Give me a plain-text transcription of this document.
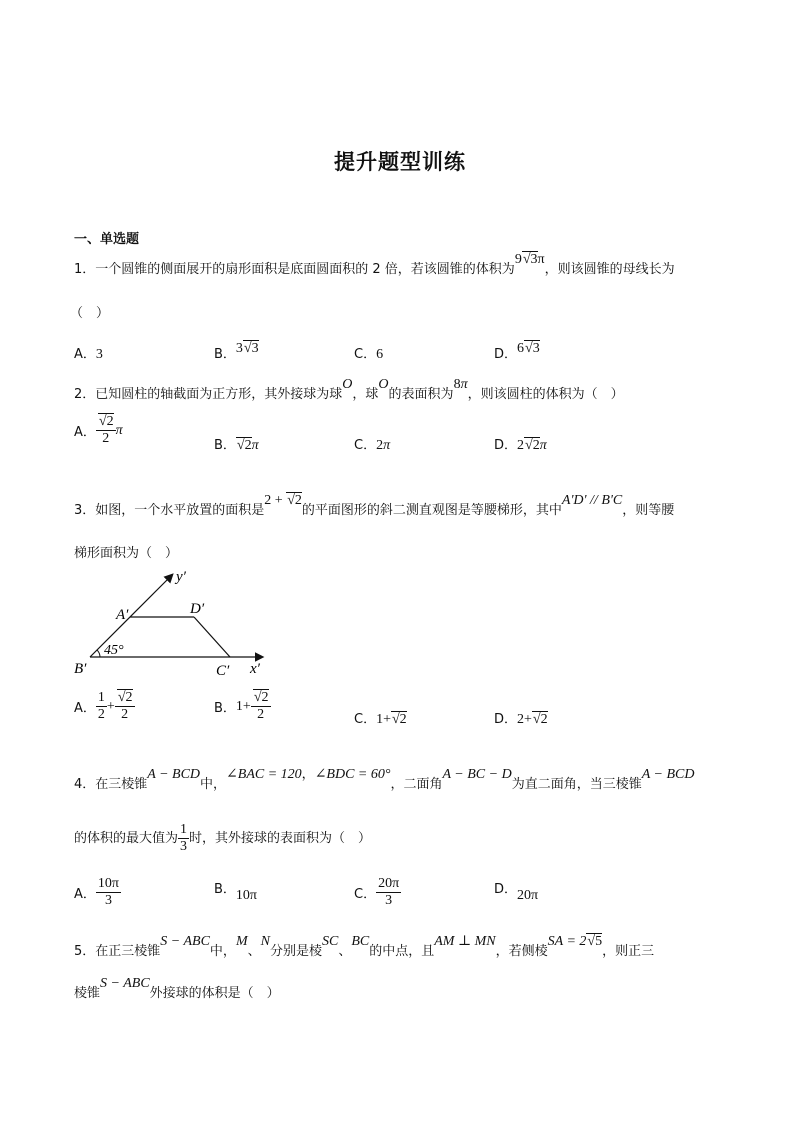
提升题型训练
一、单选题
1．一个圆锥的侧面展开的扇形面积是底面圆面积的 2 倍，若该圆锥的体积为9√3π，则该圆锥的母线长为
（　）
A．3	B．3√3	C．6	D．6√3
2．已知圆柱的轴截面为正方形，其外接球为球O，球O的表面积为8π，则该圆柱的体积为（　）
A． $\frac{√2}{2}$ π
B．√2π	C．2π	D．2√2π
3．如图，一个水平放置的面积是2 + √2的平面图形的斜二测直观图是等腰梯形，其中A'D' // B'C，则等腰
梯形面积为（　）
y′
A′	D′
45°
B′	C′ x′
A． $\frac{1}{2} + \frac{√2}{2}$	B．$1+ \frac{√2}{2}$	C．1+√2	D．2+√2
4．在三棱锥A − BCD中，∠BAC = 120，∠BDC = 60°，二面角A − BC − D为直二面角，当三棱锥A − BCD
的体积的最大值为 $\frac{1}{3}$ 时，其外接球的表面积为（　）
A． $\frac{10\pi}{3}$	B．10π	C． $\frac{20\pi}{3}$	D．20π
5．在正三棱锥S − ABC中，M、N分别是棱SC、BC的中点，且AM ⊥ MN，若侧棱SA = 2√5，则正三
棱锥S − ABC外接球的体积是（　）
